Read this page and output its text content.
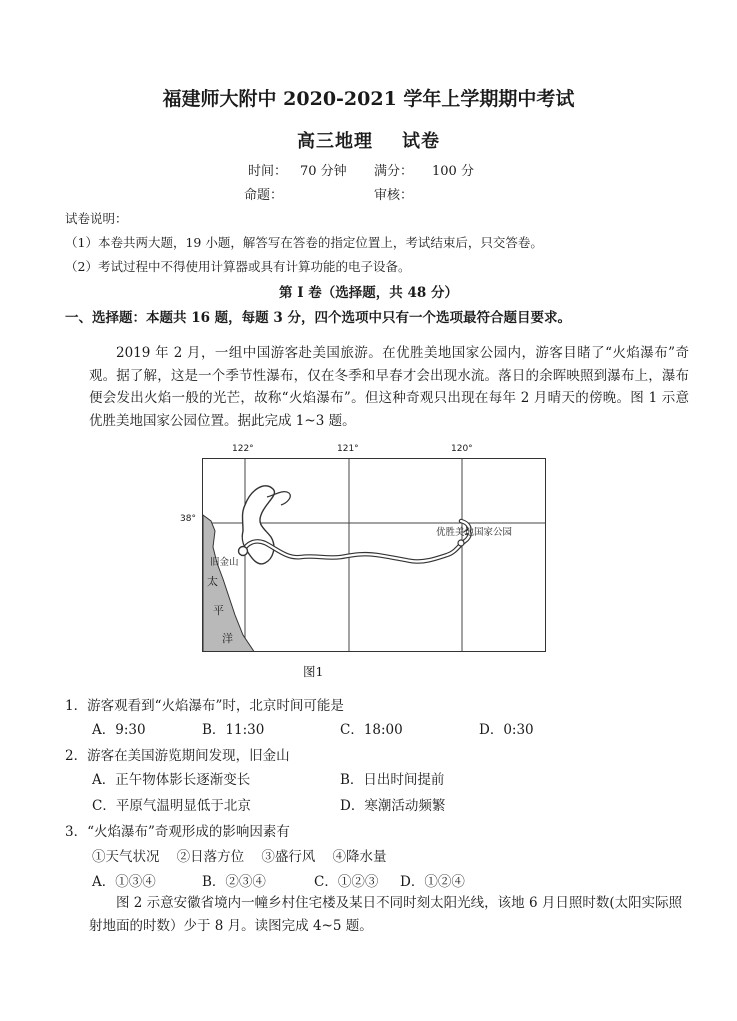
福建师大附中 2020-2021 学年上学期期中考试
高三地理    试卷
时间： 70 分钟 满分： 100 分
命题：	审核：
试卷说明：
（1）本卷共两大题，19 小题，解答写在答卷的指定位置上，考试结束后，只交答卷。
（2）考试过程中不得使用计算器或具有计算功能的电子设备。
第 I 卷（选择题，共 48 分）
一、选择题：本题共 16 题，每题 3 分，四个选项中只有一个选项最符合题目要求。
2019 年 2 月，一组中国游客赴美国旅游。在优胜美地国家公园内，游客目睹了“火焰瀑布”奇观。据了解，这是一个季节性瀑布，仅在冬季和早春才会出现水流。落日的余晖映照到瀑布上，瀑布便会发出火焰一般的光芒，故称“火焰瀑布”。但这种奇观只出现在每年 2 月晴天的傍晚。图 1 示意优胜美地国家公园位置。据此完成 1~3 题。
122°	121°	120°
38°
优胜美地国家公园
旧金山
太
平
洋
图1
1．游客观看到“火焰瀑布”时，北京时间可能是
A．9:30	B．11:30	C．18:00	D．0:30
2．游客在美国游览期间发现，旧金山
A．正午物体影长逐渐变长	B．日出时间提前
C．平原气温明显低于北京	D．寒潮活动频繁
3．“火焰瀑布”奇观形成的影响因素有
①天气状况    ②日落方位    ③盛行风    ④降水量
A．①③④	B．②③④	C．①②③ D．①②④
图 2 示意安徽省境内一幢乡村住宅楼及某日不同时刻太阳光线，该地 6 月日照时数(太阳实际照射地面的时数）少于 8 月。读图完成 4~5 题。
